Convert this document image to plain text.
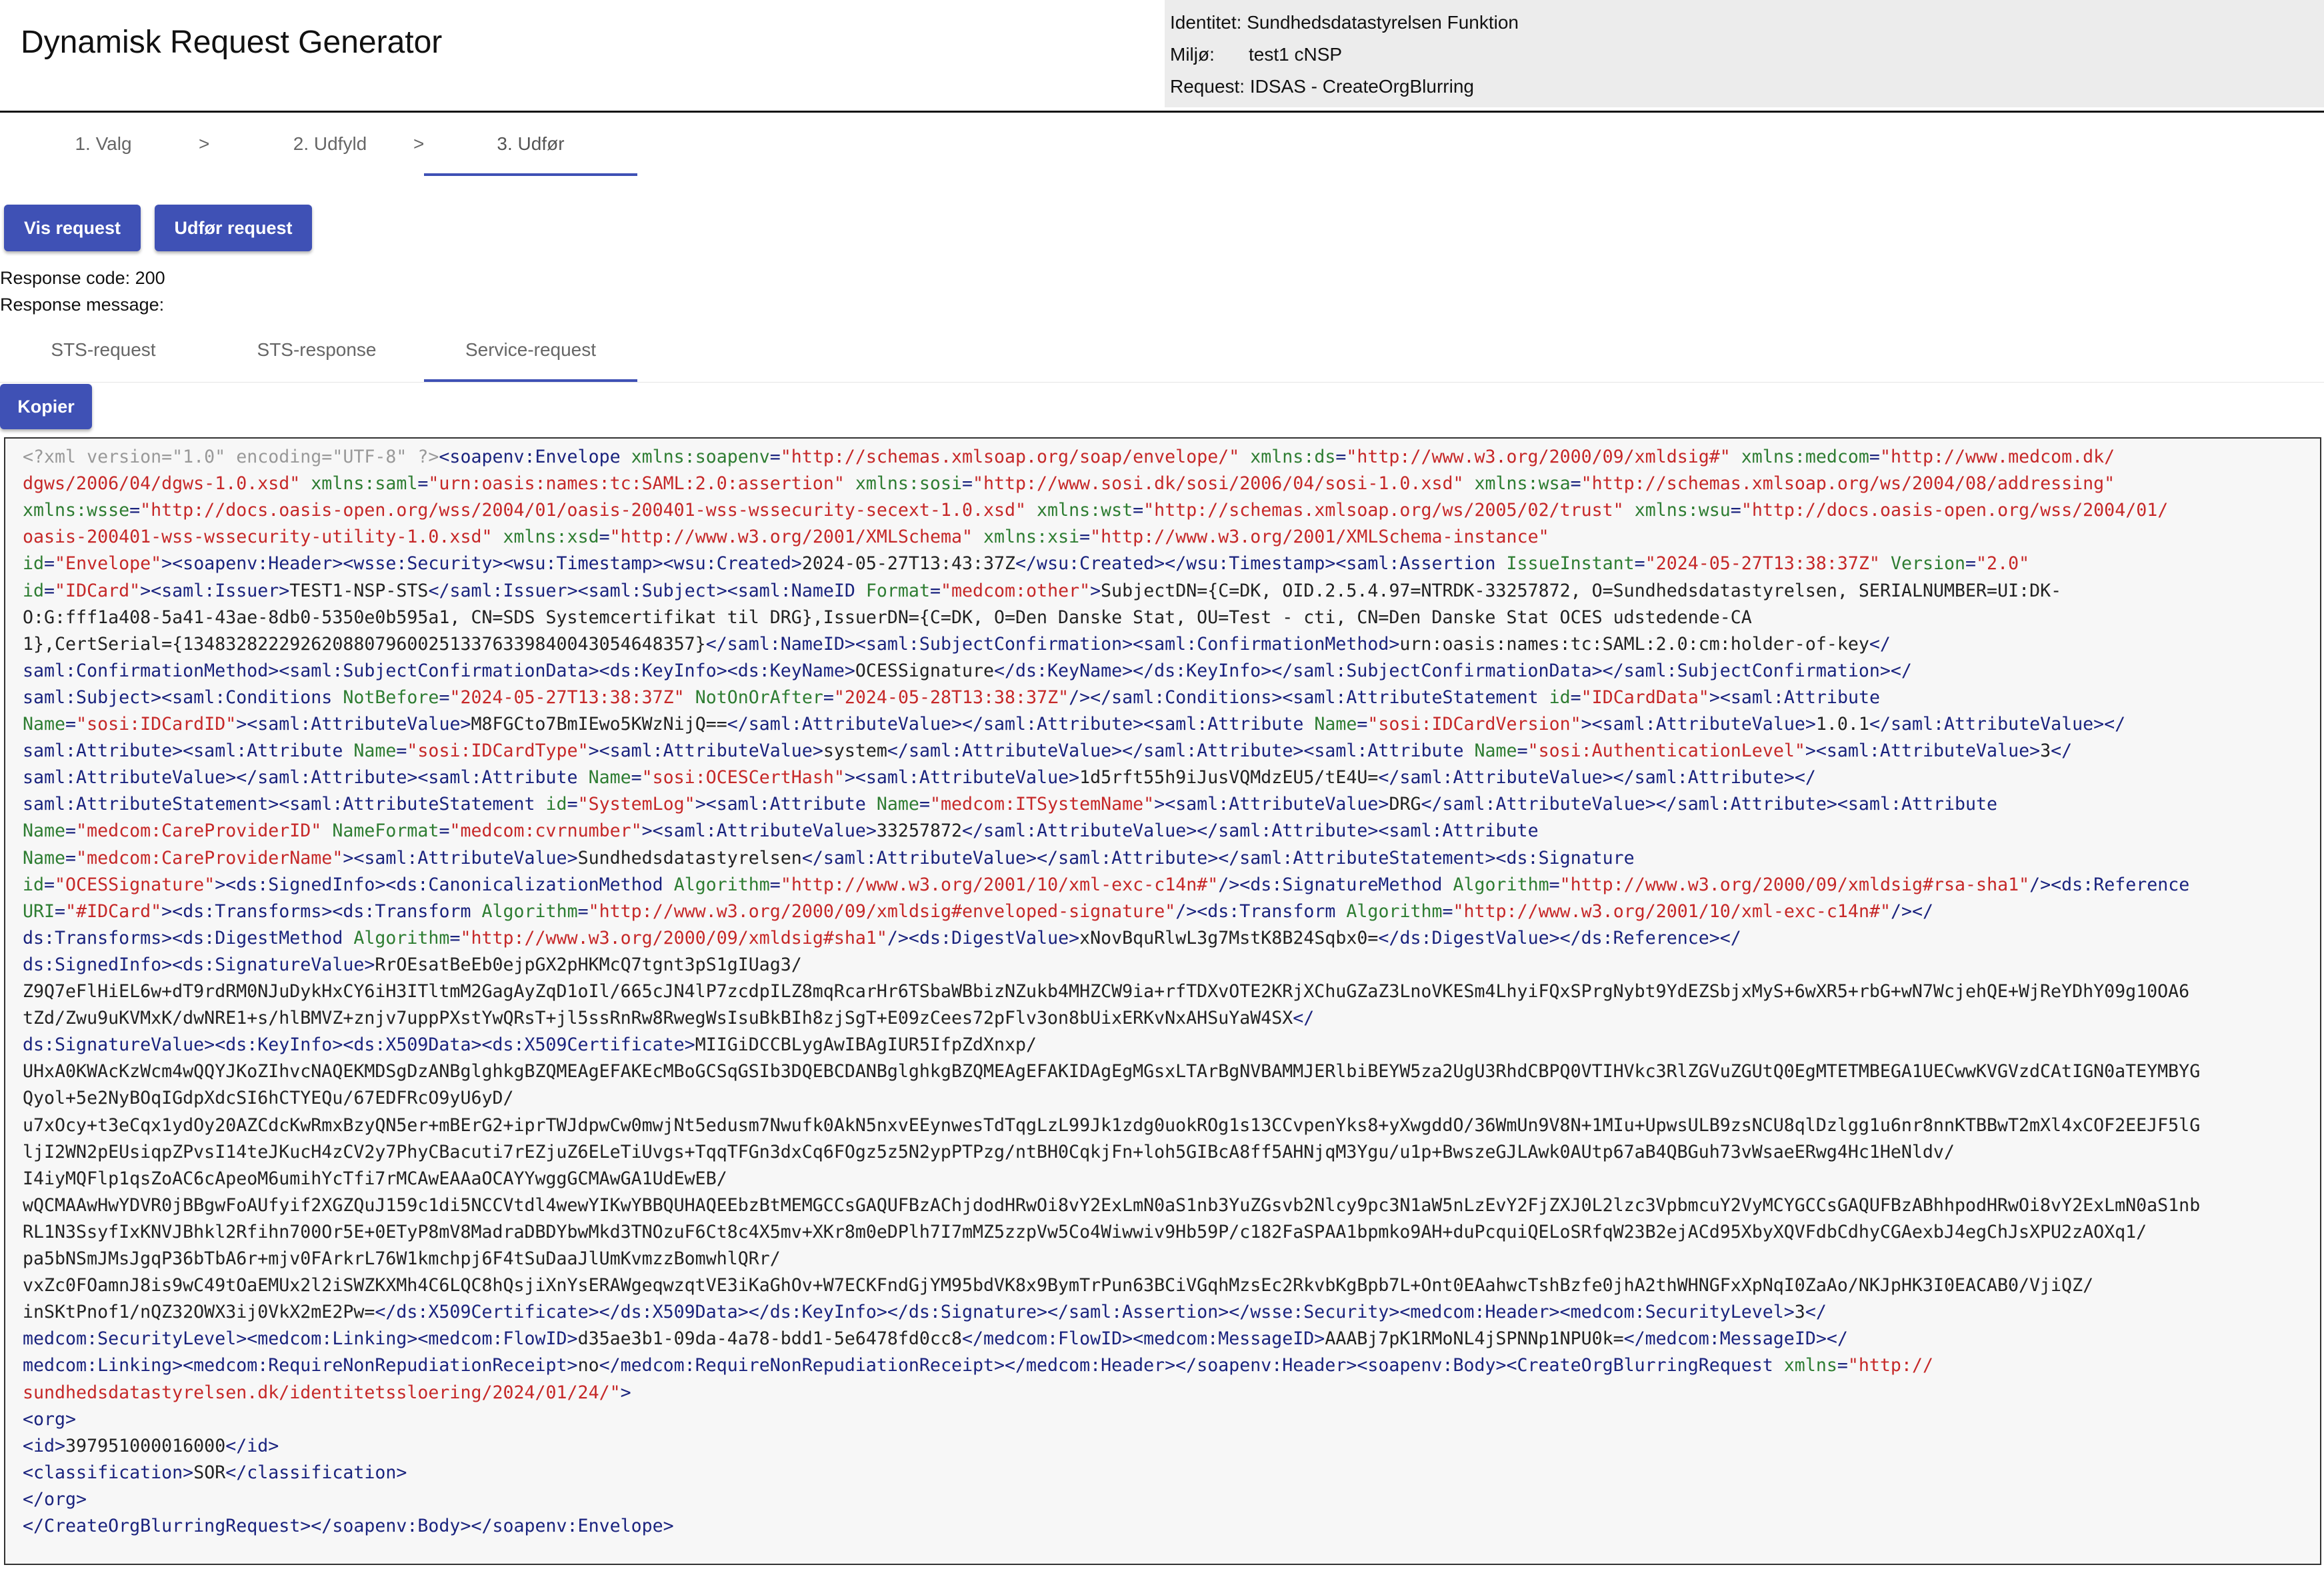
Dynamisk Request Generator
Identitet: Sundhedsdatastyrelsen Funktion
Miljø: test1 cNSP
Request: IDSAS - CreateOrgBlurring
1. Valg	>	2. Udfyld	>	3. Udfør
Vis request	Udfør request
Response code: 200
Response message:
STS-request	STS-response	Service-request
Kopier
<?xml version="1.0" encoding="UTF-8" ?><soapenv:Envelope xmlns:soapenv="http://schemas.xmlsoap.org/soap/envelope/" xmlns:ds="http://www.w3.org/2000/09/xmldsig#" xmlns:medcom="http://www.medcom.dk/
dgws/2006/04/dgws-1.0.xsd" xmlns:saml="urn:oasis:names:tc:SAML:2.0:assertion" xmlns:sosi="http://www.sosi.dk/sosi/2006/04/sosi-1.0.xsd" xmlns:wsa="http://schemas.xmlsoap.org/ws/2004/08/addressing"
xmlns:wsse="http://docs.oasis-open.org/wss/2004/01/oasis-200401-wss-wssecurity-secext-1.0.xsd" xmlns:wst="http://schemas.xmlsoap.org/ws/2005/02/trust" xmlns:wsu="http://docs.oasis-open.org/wss/2004/01/
oasis-200401-wss-wssecurity-utility-1.0.xsd" xmlns:xsd="http://www.w3.org/2001/XMLSchema" xmlns:xsi="http://www.w3.org/2001/XMLSchema-instance"
id="Envelope"><soapenv:Header><wsse:Security><wsu:Timestamp><wsu:Created>2024-05-27T13:43:37Z</wsu:Created></wsu:Timestamp><saml:Assertion IssueInstant="2024-05-27T13:38:37Z" Version="2.0"
id="IDCard"><saml:Issuer>TEST1-NSP-STS</saml:Issuer><saml:Subject><saml:NameID Format="medcom:other">SubjectDN={C=DK, OID.2.5.4.97=NTRDK-33257872, O=Sundhedsdatastyrelsen, SERIALNUMBER=UI:DK-
O:G:fff1a408-5a41-43ae-8db0-5350e0b595a1, CN=SDS Systemcertifikat til DRG},IssuerDN={C=DK, O=Den Danske Stat, OU=Test - cti, CN=Den Danske Stat OCES udstedende-CA
1},CertSerial={134832822292620880796002513376339840043054648357}</saml:NameID><saml:SubjectConfirmation><saml:ConfirmationMethod>urn:oasis:names:tc:SAML:2.0:cm:holder-of-key</
saml:ConfirmationMethod><saml:SubjectConfirmationData><ds:KeyInfo><ds:KeyName>OCESSignature</ds:KeyName></ds:KeyInfo></saml:SubjectConfirmationData></saml:SubjectConfirmation></
saml:Subject><saml:Conditions NotBefore="2024-05-27T13:38:37Z" NotOnOrAfter="2024-05-28T13:38:37Z"/></saml:Conditions><saml:AttributeStatement id="IDCardData"><saml:Attribute
Name="sosi:IDCardID"><saml:AttributeValue>M8FGCto7BmIEwo5KWzNijQ==</saml:AttributeValue></saml:Attribute><saml:Attribute Name="sosi:IDCardVersion"><saml:AttributeValue>1.0.1</saml:AttributeValue></
saml:Attribute><saml:Attribute Name="sosi:IDCardType"><saml:AttributeValue>system</saml:AttributeValue></saml:Attribute><saml:Attribute Name="sosi:AuthenticationLevel"><saml:AttributeValue>3</
saml:AttributeValue></saml:Attribute><saml:Attribute Name="sosi:OCESCertHash"><saml:AttributeValue>1d5rft55h9iJusVQMdzEU5/tE4U=</saml:AttributeValue></saml:Attribute></
saml:AttributeStatement><saml:AttributeStatement id="SystemLog"><saml:Attribute Name="medcom:ITSystemName"><saml:AttributeValue>DRG</saml:AttributeValue></saml:Attribute><saml:Attribute
Name="medcom:CareProviderID" NameFormat="medcom:cvrnumber"><saml:AttributeValue>33257872</saml:AttributeValue></saml:Attribute><saml:Attribute
Name="medcom:CareProviderName"><saml:AttributeValue>Sundhedsdatastyrelsen</saml:AttributeValue></saml:Attribute></saml:AttributeStatement><ds:Signature
id="OCESSignature"><ds:SignedInfo><ds:CanonicalizationMethod Algorithm="http://www.w3.org/2001/10/xml-exc-c14n#"/><ds:SignatureMethod Algorithm="http://www.w3.org/2000/09/xmldsig#rsa-sha1"/><ds:Reference
URI="#IDCard"><ds:Transforms><ds:Transform Algorithm="http://www.w3.org/2000/09/xmldsig#enveloped-signature"/><ds:Transform Algorithm="http://www.w3.org/2001/10/xml-exc-c14n#"/></
ds:Transforms><ds:DigestMethod Algorithm="http://www.w3.org/2000/09/xmldsig#sha1"/><ds:DigestValue>xNovBquRlwL3g7MstK8B24Sqbx0=</ds:DigestValue></ds:Reference></
ds:SignedInfo><ds:SignatureValue>RrOEsatBeEb0ejpGX2pHKMcQ7tgnt3pS1gIUag3/
Z9Q7eFlHiEL6w+dT9rdRM0NJuDykHxCY6iH3ITltmM2GagAyZqD1oIl/665cJN4lP7zcdpILZ8mqRcarHr6TSbaWBbizNZukb4MHZCW9ia+rfTDXvOTE2KRjXChuGZaZ3LnoVKESm4LhyiFQxSPrgNybt9YdEZSbjxMyS+6wXR5+rbG+wN7WcjehQE+WjReYDhY09g10OA6
tZd/Zwu9uKVMxK/dwNRE1+s/hlBMVZ+znjv7uppPXstYwQRsT+jl5ssRnRw8RwegWsIsuBkBIh8zjSgT+E09zCees72pFlv3on8bUixERKvNxAHSuYaW4SX</
ds:SignatureValue><ds:KeyInfo><ds:X509Data><ds:X509Certificate>MIIGiDCCBLygAwIBAgIUR5IfpZdXnxp/
UHxA0KWAcKzWcm4wQQYJKoZIhvcNAQEKMDSgDzANBglghkgBZQMEAgEFAKEcMBoGCSqGSIb3DQEBCDANBglghkgBZQMEAgEFAKIDAgEgMGsxLTArBgNVBAMMJERlbiBEYW5za2UgU3RhdCBPQ0VTIHVkc3RlZGVuZGUtQ0EgMTETMBEGA1UECwwKVGVzdCAtIGN0aTEYMBYG
Qyol+5e2NyBOqIGdpXdcSI6hCTYEQu/67EDFRcO9yU6yD/
u7xOcy+t3eCqx1ydOy20AZCdcKwRmxBzyQN5er+mBErG2+iprTWJdpwCw0mwjNt5edusm7Nwufk0AkN5nxvEEynwesTdTqgLzL99Jk1zdg0uokROg1s13CCvpenYks8+yXwgddO/36WmUn9V8N+1MIu+UpwsULB9zsNCU8qlDzlgg1u6nr8nnKTBBwT2mXl4xCOF2EEJF5lG
ljI2WN2pEUsiqpZPvsI14teJKucH4zCV2y7PhyCBacuti7rEZjuZ6ELeTiUvgs+TqqTFGn3dxCq6FOgz5z5N2ypPTPzg/ntBH0CqkjFn+loh5GIBcA8ff5AHNjqM3Ygu/u1p+BwszeGJLAwk0AUtp67aB4QBGuh73vWsaeERwg4Hc1HeNldv/
I4iyMQFlp1qsZoAC6cApeoM6umihYcTfi7rMCAwEAAaOCAYYwggGCMAwGA1UdEwEB/
wQCMAAwHwYDVR0jBBgwFoAUfyif2XGZQuJ159c1di5NCCVtdl4wewYIKwYBBQUHAQEEbzBtMEMGCCsGAQUFBzAChjdodHRwOi8vY2ExLmN0aS1nb3YuZGsvb2Nlcy9pc3N1aW5nLzEvY2FjZXJ0L2lzc3VpbmcuY2VyMCYGCCsGAQUFBzABhhpodHRwOi8vY2ExLmN0aS1nb
RL1N3SsyfIxKNVJBhkl2Rfihn700Or5E+0ETyP8mV8MadraDBDYbwMkd3TNOzuF6Ct8c4X5mv+XKr8m0eDPlh7I7mMZ5zzpVw5Co4Wiwwiv9Hb59P/c182FaSPAA1bpmko9AH+duPcquiQELoSRfqW23B2ejACd95XbyXQVFdbCdhyCGAexbJ4egChJsXPU2zAOXq1/
pa5bNSmJMsJgqP36bTbA6r+mjv0FArkrL76W1kmchpj6F4tSuDaaJlUmKvmzzBomwhlQRr/
vxZc0FOamnJ8is9wC49tOaEMUx2l2iSWZKXMh4C6LQC8hQsjiXnYsERAWgeqwzqtVE3iKaGhOv+W7ECKFndGjYM95bdVK8x9BymTrPun63BCiVGqhMzsEc2RkvbKgBpb7L+Ont0EAahwcTshBzfe0jhA2thWHNGFxXpNqI0ZaAo/NKJpHK3I0EACAB0/VjiQZ/
inSKtPnof1/nQZ32OWX3ij0VkX2mE2Pw=</ds:X509Certificate></ds:X509Data></ds:KeyInfo></ds:Signature></saml:Assertion></wsse:Security><medcom:Header><medcom:SecurityLevel>3</
medcom:SecurityLevel><medcom:Linking><medcom:FlowID>d35ae3b1-09da-4a78-bdd1-5e6478fd0cc8</medcom:FlowID><medcom:MessageID>AAABj7pK1RMoNL4jSPNNp1NPU0k=</medcom:MessageID></
medcom:Linking><medcom:RequireNonRepudiationReceipt>no</medcom:RequireNonRepudiationReceipt></medcom:Header></soapenv:Header><soapenv:Body><CreateOrgBlurringRequest xmlns="http://
sundhedsdatastyrelsen.dk/identitetssloering/2024/01/24/">
<org>
<id>397951000016000</id>
<classification>SOR</classification>
</org>
</CreateOrgBlurringRequest></soapenv:Body></soapenv:Envelope>
